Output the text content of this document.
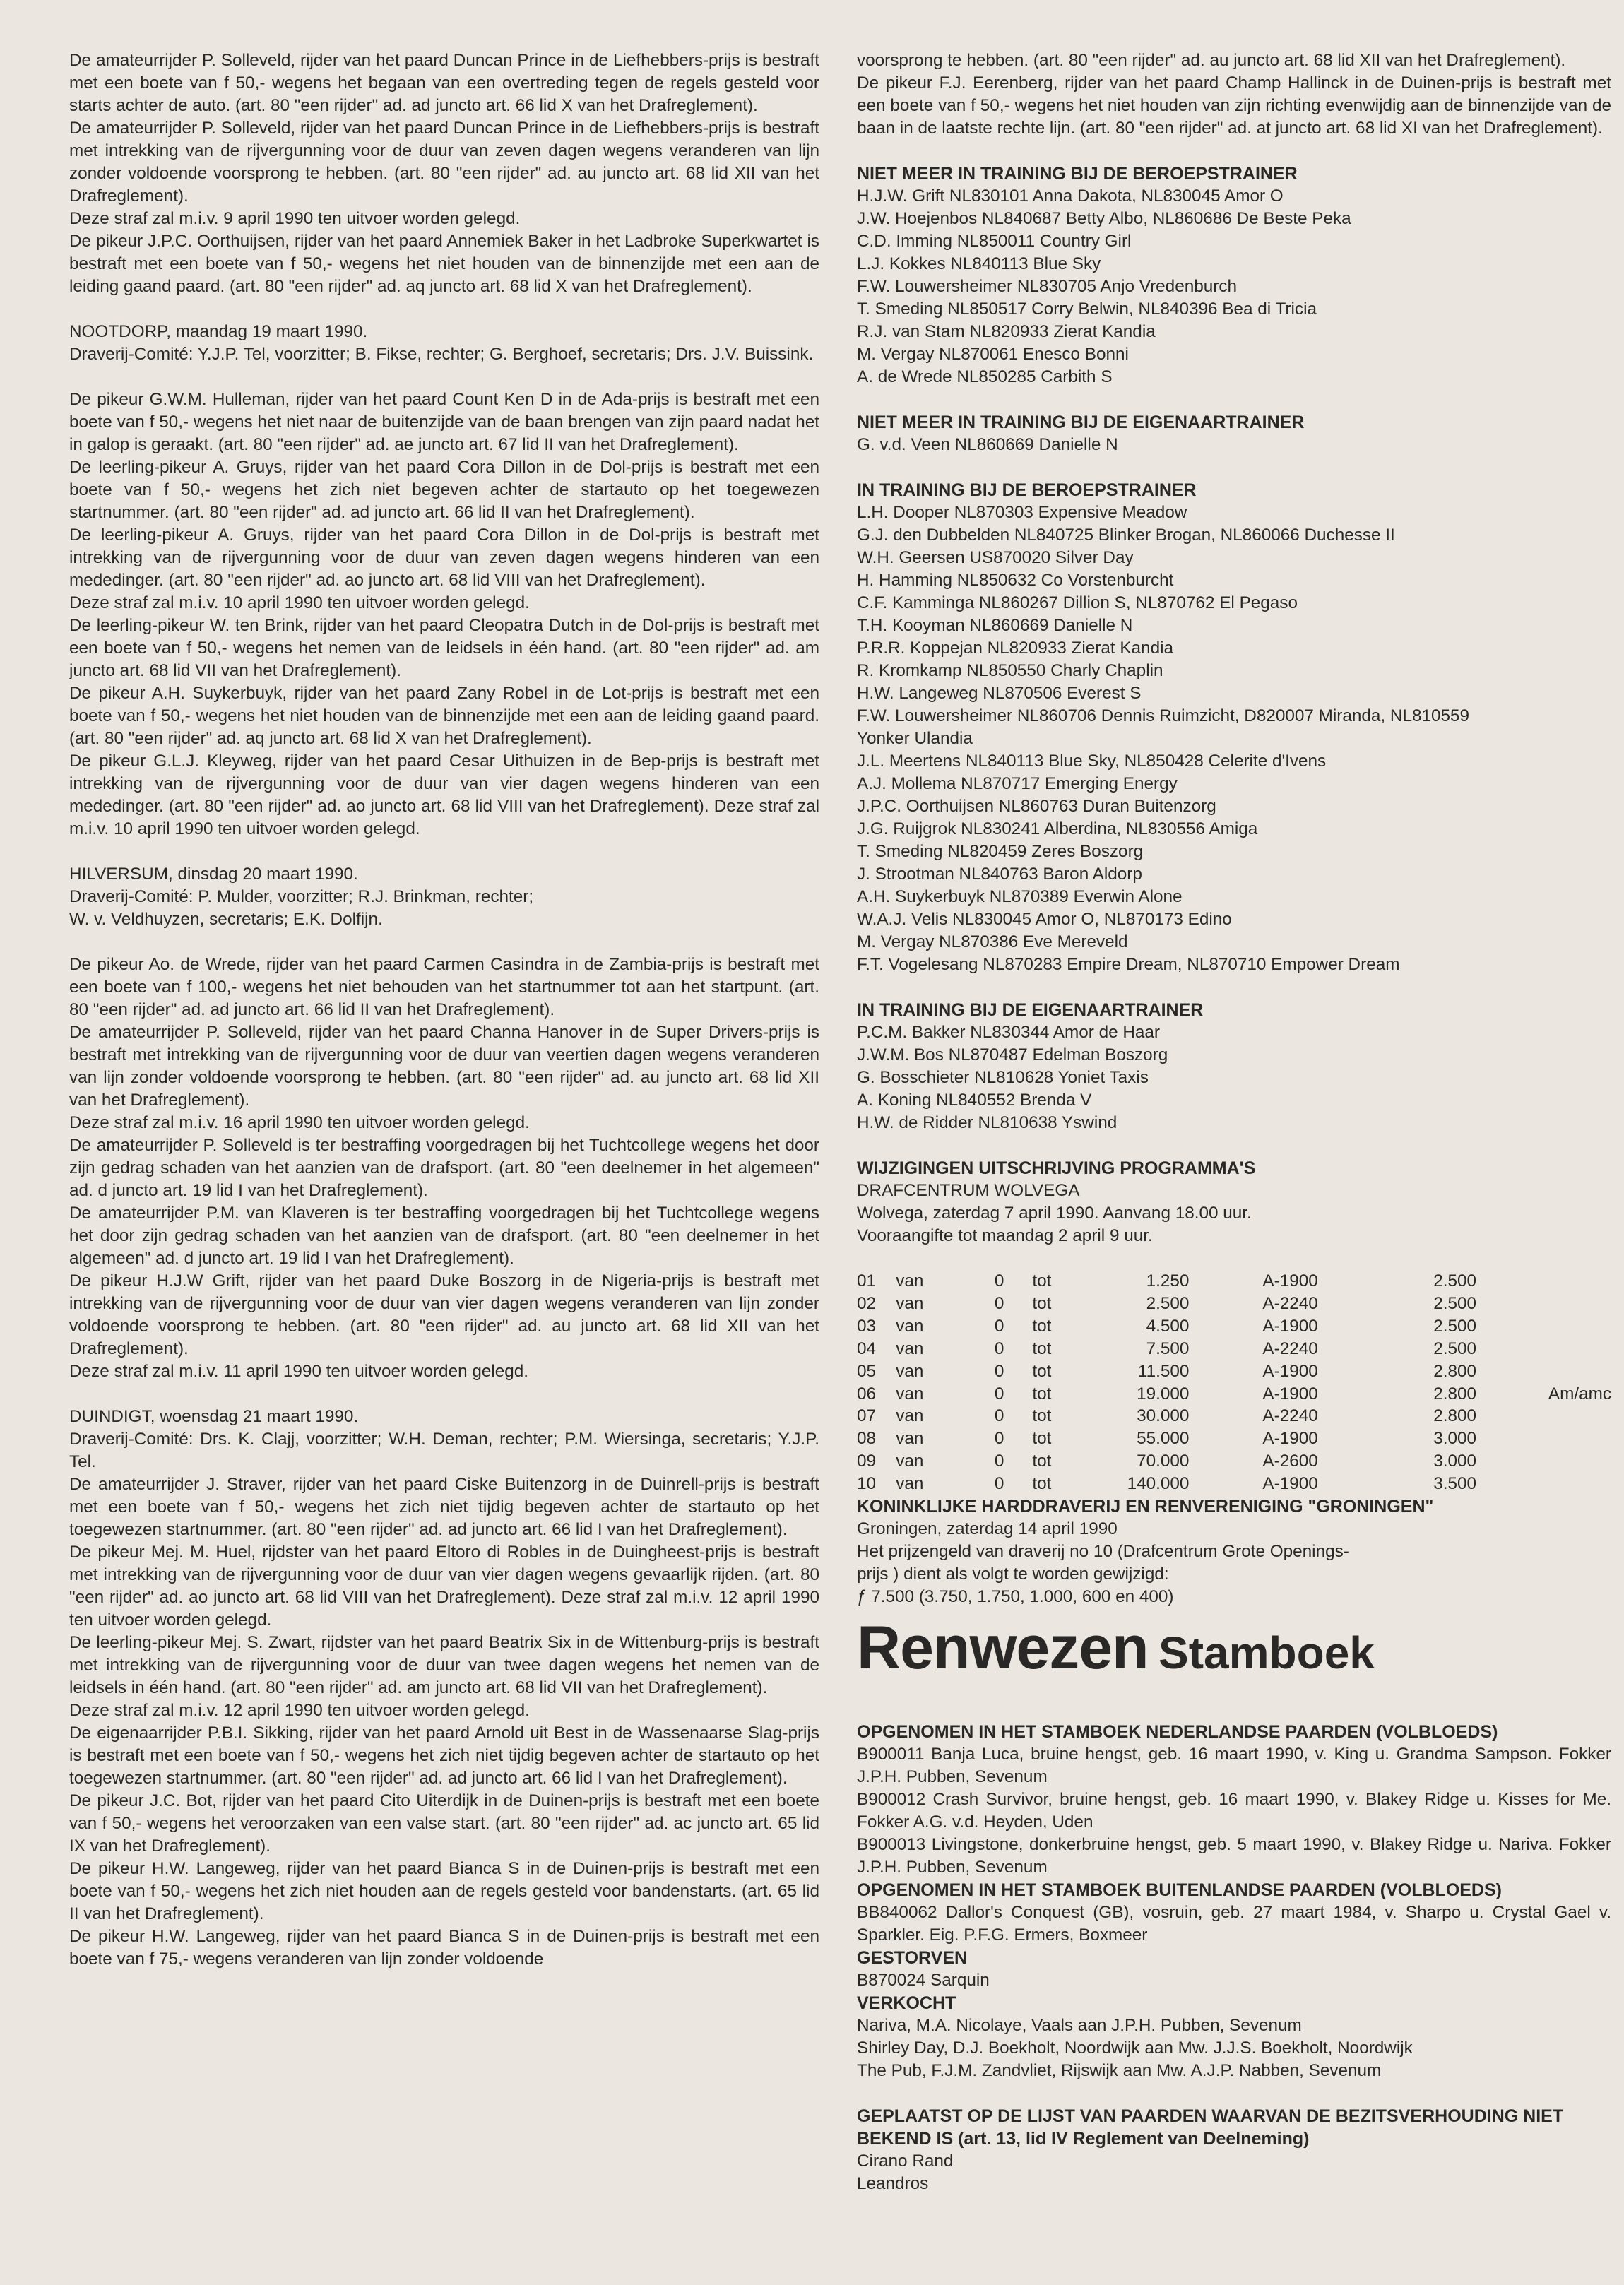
De amateurrijder P. Solleveld, rijder van het paard Duncan Prince in de Liefhebbers-prijs is bestraft met een boete van f 50,- wegens het begaan van een overtreding tegen de regels gesteld voor starts achter de auto. (art. 80 "een rijder" ad. ad juncto art. 66 lid X van het Drafreglement).

De amateurrijder P. Solleveld, rijder van het paard Duncan Prince in de Liefhebbers-prijs is bestraft met intrekking van de rijvergunning voor de duur van zeven dagen wegens veranderen van lijn zonder voldoende voorsprong te hebben. (art. 80 "een rijder" ad. au juncto art. 68 lid XII van het Drafreglement).

Deze straf zal m.i.v. 9 april 1990 ten uitvoer worden gelegd.

De pikeur J.P.C. Oorthuijsen, rijder van het paard Annemiek Baker in het Ladbroke Superkwartet is bestraft met een boete van f 50,- wegens het niet houden van de binnenzijde met een aan de leiding gaand paard. (art. 80 "een rijder" ad. aq juncto art. 68 lid X van het Drafreglement).

NOOTDORP, maandag 19 maart 1990.

Draverij-Comité: Y.J.P. Tel, voorzitter; B. Fikse, rechter; G. Berghoef, secretaris; Drs. J.V. Buissink.

De pikeur G.W.M. Hulleman, rijder van het paard Count Ken D in de Ada-prijs is bestraft met een boete van f 50,- wegens het niet naar de buitenzijde van de baan brengen van zijn paard nadat het in galop is geraakt. (art. 80 "een rijder" ad. ae juncto art. 67 lid II van het Drafreglement).

De leerling-pikeur A. Gruys, rijder van het paard Cora Dillon in de Dol-prijs is bestraft met een boete van f 50,- wegens het zich niet begeven achter de startauto op het toegewezen startnummer. (art. 80 "een rijder" ad. ad juncto art. 66 lid II van het Drafreglement).

De leerling-pikeur A. Gruys, rijder van het paard Cora Dillon in de Dol-prijs is bestraft met intrekking van de rijvergunning voor de duur van zeven dagen wegens hinderen van een mededinger. (art. 80 "een rijder" ad. ao juncto art. 68 lid VIII van het Drafreglement).

Deze straf zal m.i.v. 10 april 1990 ten uitvoer worden gelegd.

De leerling-pikeur W. ten Brink, rijder van het paard Cleopatra Dutch in de Dol-prijs is bestraft met een boete van f 50,- wegens het nemen van de leidsels in één hand. (art. 80 "een rijder" ad. am juncto art. 68 lid VII van het Drafreglement).

De pikeur A.H. Suykerbuyk, rijder van het paard Zany Robel in de Lot-prijs is bestraft met een boete van f 50,- wegens het niet houden van de binnenzijde met een aan de leiding gaand paard. (art. 80 "een rijder" ad. aq juncto art. 68 lid X van het Drafreglement).

De pikeur G.L.J. Kleyweg, rijder van het paard Cesar Uithuizen in de Bep-prijs is bestraft met intrekking van de rijvergunning voor de duur van vier dagen wegens hinderen van een mededinger. (art. 80 "een rijder" ad. ao juncto art. 68 lid VIII van het Drafreglement). Deze straf zal m.i.v. 10 april 1990 ten uitvoer worden gelegd.

HILVERSUM, dinsdag 20 maart 1990.

Draverij-Comité: P. Mulder, voorzitter; R.J. Brinkman, rechter;

W. v. Veldhuyzen, secretaris; E.K. Dolfijn.

De pikeur Ao. de Wrede, rijder van het paard Carmen Casindra in de Zambia-prijs is bestraft met een boete van f 100,- wegens het niet behouden van het startnummer tot aan het startpunt. (art. 80 "een rijder" ad. ad juncto art. 66 lid II van het Drafreglement).

De amateurrijder P. Solleveld, rijder van het paard Channa Hanover in de Super Drivers-prijs is bestraft met intrekking van de rijvergunning voor de duur van veertien dagen wegens veranderen van lijn zonder voldoende voorsprong te hebben. (art. 80 "een rijder" ad. au juncto art. 68 lid XII van het Drafreglement).

Deze straf zal m.i.v. 16 april 1990 ten uitvoer worden gelegd.

De amateurrijder P. Solleveld is ter bestraffing voorgedragen bij het Tuchtcollege wegens het door zijn gedrag schaden van het aanzien van de drafsport. (art. 80 "een deelnemer in het algemeen" ad. d juncto art. 19 lid I van het Drafreglement).

De amateurrijder P.M. van Klaveren is ter bestraffing voorgedragen bij het Tuchtcollege wegens het door zijn gedrag schaden van het aanzien van de drafsport. (art. 80 "een deelnemer in het algemeen" ad. d juncto art. 19 lid I van het Drafreglement).

De pikeur H.J.W Grift, rijder van het paard Duke Boszorg in de Nigeria-prijs is bestraft met intrekking van de rijvergunning voor de duur van vier dagen wegens veranderen van lijn zonder voldoende voorsprong te hebben. (art. 80 "een rijder" ad. au juncto art. 68 lid XII van het Drafreglement).

Deze straf zal m.i.v. 11 april 1990 ten uitvoer worden gelegd.

DUINDIGT, woensdag 21 maart 1990.

Draverij-Comité: Drs. K. Clajj, voorzitter; W.H. Deman, rechter; P.M. Wiersinga, secretaris; Y.J.P. Tel.

De amateurrijder J. Straver, rijder van het paard Ciske Buitenzorg in de Duinrell-prijs is bestraft met een boete van f 50,- wegens het zich niet tijdig begeven achter de startauto op het toegewezen startnummer. (art. 80 "een rijder" ad. ad juncto art. 66 lid I van het Drafreglement).

De pikeur Mej. M. Huel, rijdster van het paard Eltoro di Robles in de Duingheest-prijs is bestraft met intrekking van de rijvergunning voor de duur van vier dagen wegens gevaarlijk rijden. (art. 80 "een rijder" ad. ao juncto art. 68 lid VIII van het Drafreglement). Deze straf zal m.i.v. 12 april 1990 ten uitvoer worden gelegd.

De leerling-pikeur Mej. S. Zwart, rijdster van het paard Beatrix Six in de Wittenburg-prijs is bestraft met intrekking van de rijvergunning voor de duur van twee dagen wegens het nemen van de leidsels in één hand. (art. 80 "een rijder" ad. am juncto art. 68 lid VII van het Drafreglement).

Deze straf zal m.i.v. 12 april 1990 ten uitvoer worden gelegd.

De eigenaarrijder P.B.I. Sikking, rijder van het paard Arnold uit Best in de Wassenaarse Slag-prijs is bestraft met een boete van f 50,- wegens het zich niet tijdig begeven achter de startauto op het toegewezen startnummer. (art. 80 "een rijder" ad. ad juncto art. 66 lid I van het Drafreglement).

De pikeur J.C. Bot, rijder van het paard Cito Uiterdijk in de Duinen-prijs is bestraft met een boete van f 50,- wegens het veroorzaken van een valse start. (art. 80 "een rijder" ad. ac juncto art. 65 lid IX van het Drafreglement).

De pikeur H.W. Langeweg, rijder van het paard Bianca S in de Duinen-prijs is bestraft met een boete van f 50,- wegens het zich niet houden aan de regels gesteld voor bandenstarts. (art. 65 lid II van het Drafreglement).

De pikeur H.W. Langeweg, rijder van het paard Bianca S in de Duinen-prijs is bestraft met een boete van f 75,- wegens veranderen van lijn zonder voldoende

voorsprong te hebben. (art. 80 "een rijder" ad. au juncto art. 68 lid XII van het Drafreglement).

De pikeur F.J. Eerenberg, rijder van het paard Champ Hallinck in de Duinen-prijs is bestraft met een boete van f 50,- wegens het niet houden van zijn richting evenwijdig aan de binnenzijde van de baan in de laatste rechte lijn. (art. 80 "een rijder" ad. at juncto art. 68 lid XI van het Drafreglement).

NIET MEER IN TRAINING BIJ DE BEROEPSTRAINER

H.J.W. Grift NL830101 Anna Dakota, NL830045 Amor O

J.W. Hoejenbos NL840687 Betty Albo, NL860686 De Beste Peka

C.D. Imming NL850011 Country Girl

L.J. Kokkes NL840113 Blue Sky

F.W. Louwersheimer NL830705 Anjo Vredenburch

T. Smeding NL850517 Corry Belwin, NL840396 Bea di Tricia

R.J. van Stam NL820933 Zierat Kandia

M. Vergay NL870061 Enesco Bonni

A. de Wrede NL850285 Carbith S

NIET MEER IN TRAINING BIJ DE EIGENAARTRAINER

G. v.d. Veen NL860669 Danielle N

IN TRAINING BIJ DE BEROEPSTRAINER

L.H. Dooper NL870303 Expensive Meadow

G.J. den Dubbelden NL840725 Blinker Brogan, NL860066 Duchesse II

W.H. Geersen US870020 Silver Day

H. Hamming NL850632 Co Vorstenburcht

C.F. Kamminga NL860267 Dillion S, NL870762 El Pegaso

T.H. Kooyman NL860669 Danielle N

P.R.R. Koppejan NL820933 Zierat Kandia

R. Kromkamp NL850550 Charly Chaplin

H.W. Langeweg NL870506 Everest S

F.W. Louwersheimer NL860706 Dennis Ruimzicht, D820007 Miranda, NL810559

Yonker Ulandia

J.L. Meertens NL840113 Blue Sky, NL850428 Celerite d'Ivens

A.J. Mollema NL870717 Emerging Energy

J.P.C. Oorthuijsen NL860763 Duran Buitenzorg

J.G. Ruijgrok NL830241 Alberdina, NL830556 Amiga

T. Smeding NL820459 Zeres Boszorg

J. Strootman NL840763 Baron Aldorp

A.H. Suykerbuyk NL870389 Everwin Alone

W.A.J. Velis NL830045 Amor O, NL870173 Edino

M. Vergay NL870386 Eve Mereveld

F.T. Vogelesang NL870283 Empire Dream, NL870710 Empower Dream

IN TRAINING BIJ DE EIGENAARTRAINER

P.C.M. Bakker NL830344 Amor de Haar

J.W.M. Bos NL870487 Edelman Boszorg

G. Bosschieter NL810628 Yoniet Taxis

A. Koning NL840552 Brenda V

H.W. de Ridder NL810638 Yswind

WIJZIGINGEN UITSCHRIJVING PROGRAMMA'S

DRAFCENTRUM WOLVEGA

Wolvega, zaterdag 7 april 1990. Aanvang 18.00 uur.

Vooraangifte tot maandag 2 april 9 uur.

01	van	0	tot	1.250	A-1900	2.500	
02	van	0	tot	2.500	A-2240	2.500	
03	van	0	tot	4.500	A-1900	2.500	
04	van	0	tot	7.500	A-2240	2.500	
05	van	0	tot	11.500	A-1900	2.800	
06	van	0	tot	19.000	A-1900	2.800	Am/amc
07	van	0	tot	30.000	A-2240	2.800	
08	van	0	tot	55.000	A-1900	3.000	
09	van	0	tot	70.000	A-2600	3.000	
10	van	0	tot	140.000	A-1900	3.500	

KONINKLIJKE HARDDRAVERIJ EN RENVERENIGING "GRONINGEN"

Groningen, zaterdag 14 april 1990

Het prijzengeld van draverij no 10 (Drafcentrum Grote Openings-

prijs ) dient als volgt te worden gewijzigd:

ƒ 7.500 (3.750, 1.750, 1.000, 600 en 400)

Renwezen Stamboek

OPGENOMEN IN HET STAMBOEK NEDERLANDSE PAARDEN (VOLBLOEDS)

B900011 Banja Luca, bruine hengst, geb. 16 maart 1990, v. King u. Grandma Sampson. Fokker J.P.H. Pubben, Sevenum

B900012 Crash Survivor, bruine hengst, geb. 16 maart 1990, v. Blakey Ridge u. Kisses for Me. Fokker A.G. v.d. Heyden, Uden

B900013 Livingstone, donkerbruine hengst, geb. 5 maart 1990, v. Blakey Ridge u. Nariva. Fokker J.P.H. Pubben, Sevenum

OPGENOMEN IN HET STAMBOEK BUITENLANDSE PAARDEN (VOLBLOEDS)

BB840062 Dallor's Conquest (GB), vosruin, geb. 27 maart 1984, v. Sharpo u. Crystal Gael v. Sparkler. Eig. P.F.G. Ermers, Boxmeer

GESTORVEN

B870024 Sarquin

VERKOCHT

Nariva, M.A. Nicolaye, Vaals aan J.P.H. Pubben, Sevenum

Shirley Day, D.J. Boekholt, Noordwijk aan Mw. J.J.S. Boekholt, Noordwijk

The Pub, F.J.M. Zandvliet, Rijswijk aan Mw. A.J.P. Nabben, Sevenum

GEPLAATST OP DE LIJST VAN PAARDEN WAARVAN DE BEZITSVERHOUDING NIET BEKEND IS (art. 13, lid IV Reglement van Deelneming)

Cirano Rand

Leandros
